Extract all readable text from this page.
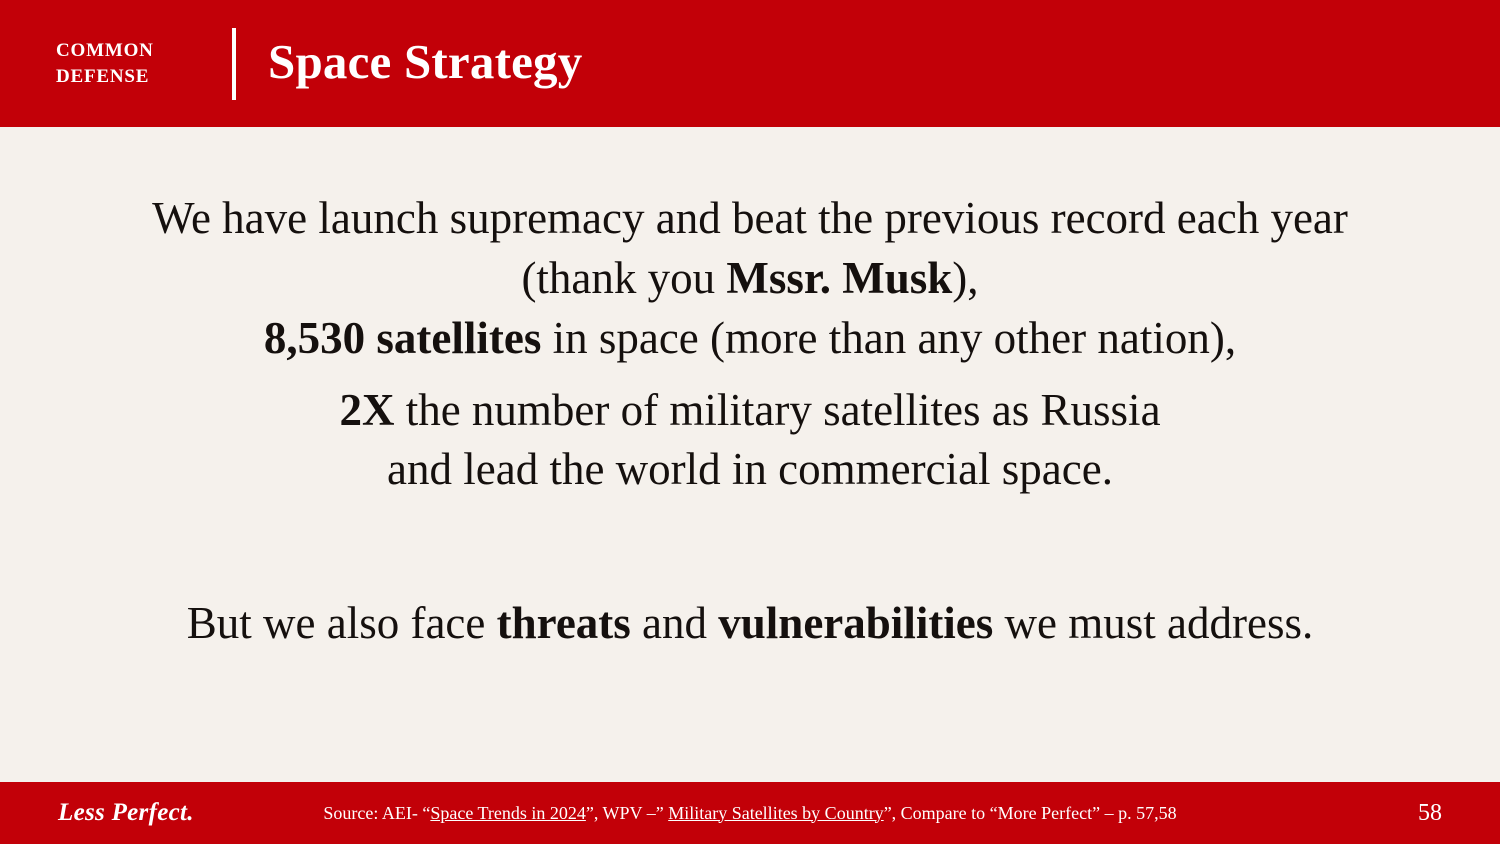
COMMON
DEFENSE	Space Strategy
We have launch supremacy and beat the previous record each year (thank you Mssr. Musk),
8,530 satellites in space (more than any other nation),
2X the number of military satellites as Russia
and lead the world in commercial space.
But we also face threats and vulnerabilities we must address.
Less Perfect.	Source: AEI- “Space Trends in 2024”, WPV –” Military Satellites by Country”, Compare to “More Perfect” – p. 57,58	58
